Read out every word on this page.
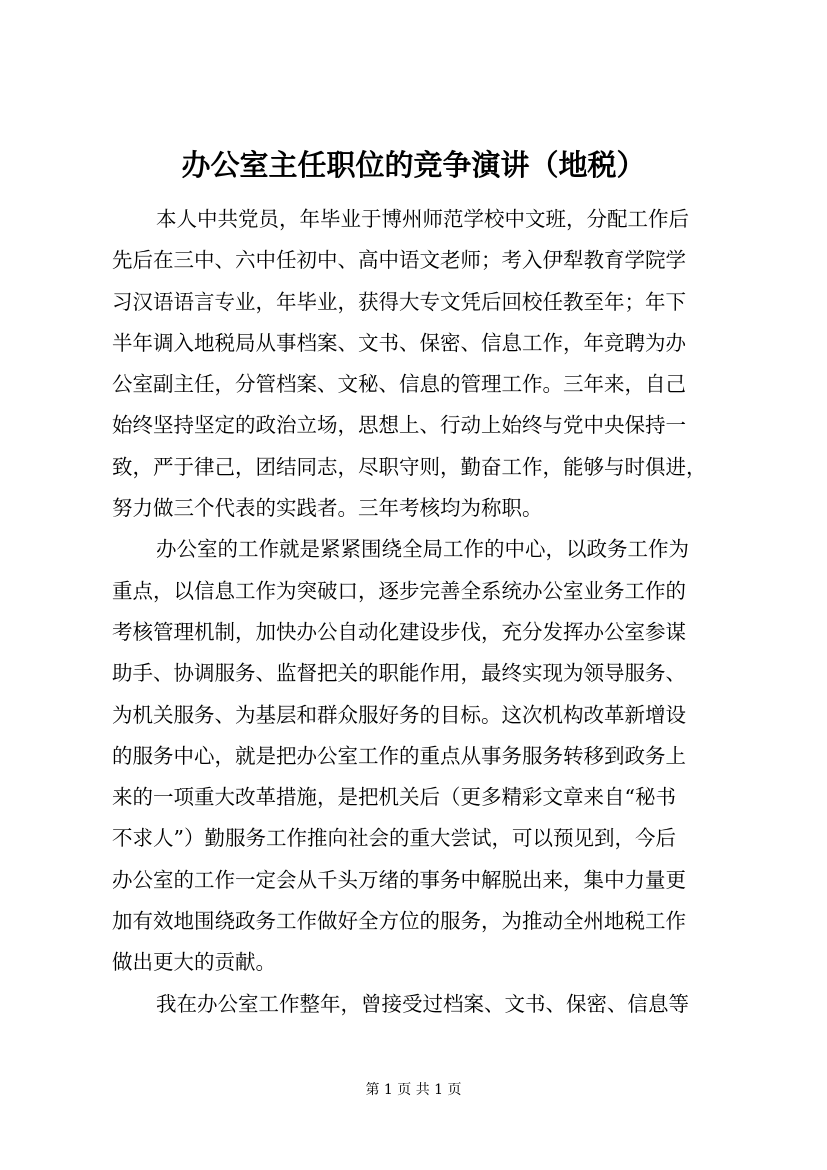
办公室主任职位的竞争演讲（地税）
本人中共党员，年毕业于博州师范学校中文班，分配工作后
先后在三中、六中任初中、高中语文老师；考入伊犁教育学院学
习汉语语言专业，年毕业，获得大专文凭后回校任教至年；年下
半年调入地税局从事档案、文书、保密、信息工作，年竞聘为办
公室副主任，分管档案、文秘、信息的管理工作。三年来，自己
始终坚持坚定的政治立场，思想上、行动上始终与党中央保持一
致，严于律己，团结同志，尽职守则，勤奋工作，能够与时俱进，
努力做三个代表的实践者。三年考核均为称职。
办公室的工作就是紧紧围绕全局工作的中心，以政务工作为
重点，以信息工作为突破口，逐步完善全系统办公室业务工作的
考核管理机制，加快办公自动化建设步伐，充分发挥办公室参谋
助手、协调服务、监督把关的职能作用，最终实现为领导服务、
为机关服务、为基层和群众服好务的目标。这次机构改革新增设
的服务中心，就是把办公室工作的重点从事务服务转移到政务上
来的一项重大改革措施，是把机关后（更多精彩文章来自“秘书
不求人”）勤服务工作推向社会的重大尝试，可以预见到，今后
办公室的工作一定会从千头万绪的事务中解脱出来，集中力量更
加有效地围绕政务工作做好全方位的服务，为推动全州地税工作
做出更大的贡献。
我在办公室工作整年，曾接受过档案、文书、保密、信息等
第 1 页 共 1 页
